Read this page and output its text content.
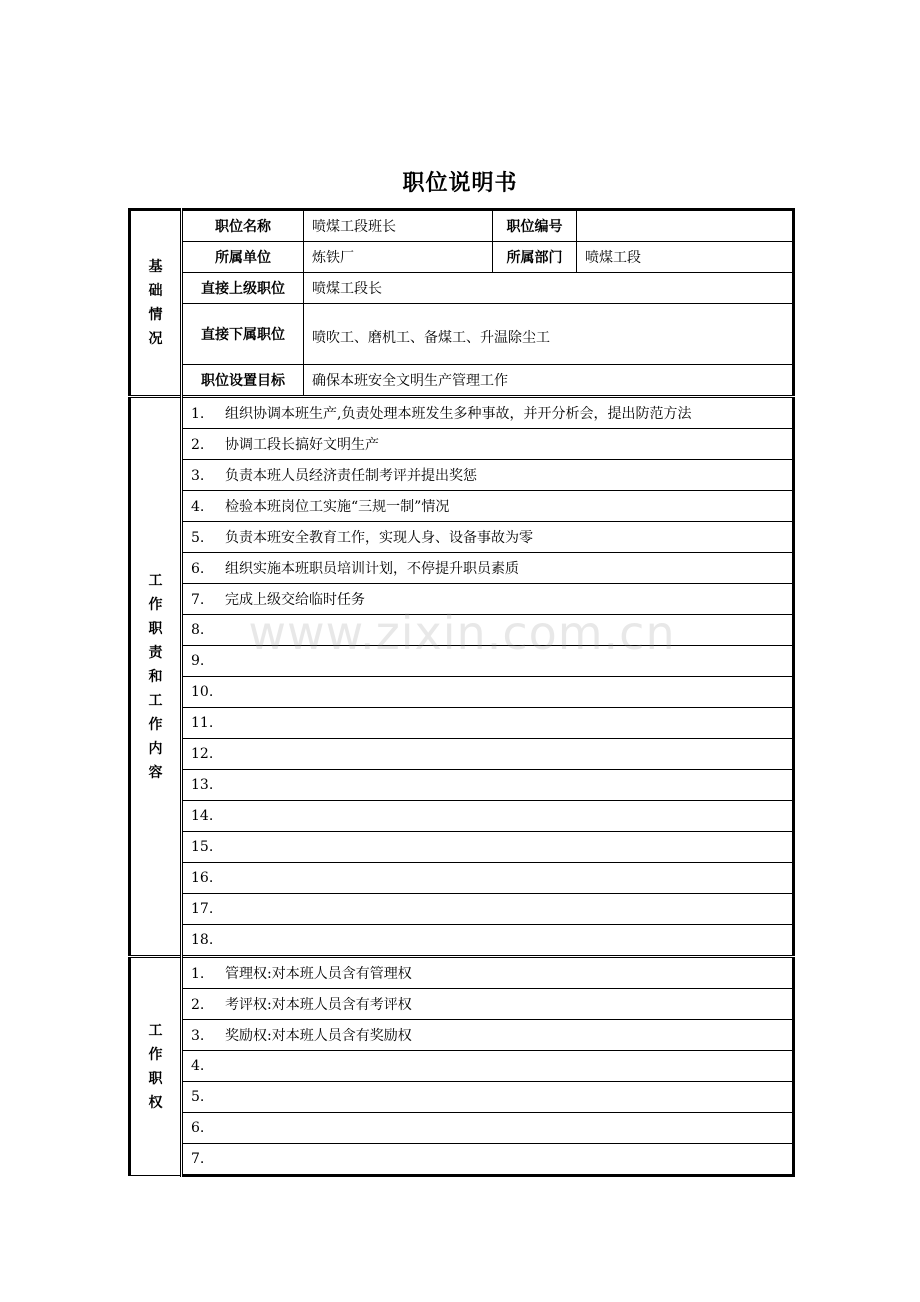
职位说明书
基础情况	职位名称	喷煤工段班长	职位编号	
	所属单位	炼铁厂	所属部门	喷煤工段
	直接上级职位	喷煤工段长		
	直接下属职位	喷吹工、磨机工、备煤工、升温除尘工		
	职位设置目标	确保本班安全文明生产管理工作		
工作职责和工作内容	1. 组织协调本班生产,负责处理本班发生多种事故，并开分析会，提出防范方法			
	2. 协调工段长搞好文明生产			
	3. 负责本班人员经济责任制考评并提出奖惩			
	4. 检验本班岗位工实施“三规一制”情况			
	5. 负责本班安全教育工作，实现人身、设备事故为零			
	6. 组织实施本班职员培训计划，不停提升职员素质			
	7. 完成上级交给临时任务			
	8.			
	9.			
	10.			
	11.			
	12.			
	13.			
	14.			
	15.			
	16.			
	17.			
	18.			
工作职权	1. 管理权:对本班人员含有管理权			
	2. 考评权:对本班人员含有考评权			
	3. 奖励权:对本班人员含有奖励权			
	4.			
	5.			
	6.			
	7.			
www.zixin.com.cn
